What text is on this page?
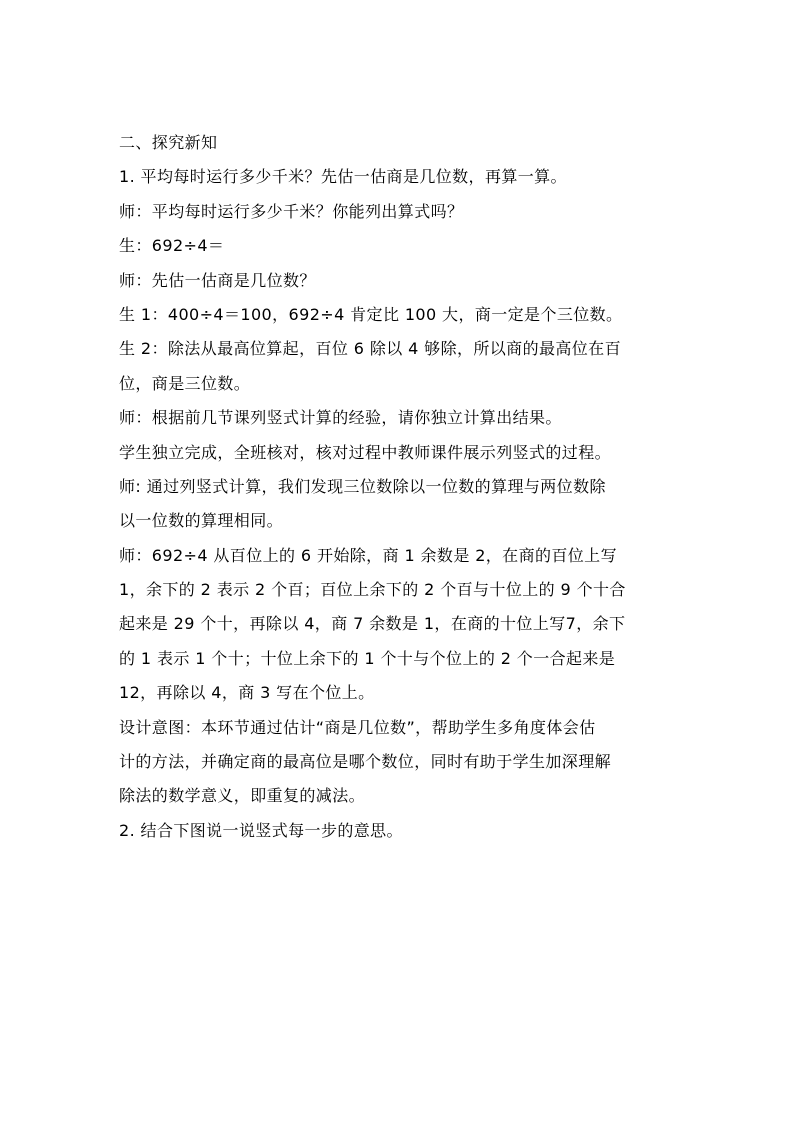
二、探究新知
1. 平均每时运行多少千米？先估一估商是几位数，再算一算。
师：平均每时运行多少千米？你能列出算式吗？
生：692÷4＝
师：先估一估商是几位数？
生 1：400÷4＝100，692÷4 肯定比 100 大，商一定是个三位数。
生 2：除法从最高位算起，百位 6 除以 4 够除，所以商的最高位在百
位，商是三位数。
师：根据前几节课列竖式计算的经验，请你独立计算出结果。
学生独立完成，全班核对，核对过程中教师课件展示列竖式的过程。
师: 通过列竖式计算，我们发现三位数除以一位数的算理与两位数除
以一位数的算理相同。
师：692÷4 从百位上的 6 开始除，商 1 余数是 2，在商的百位上写
1，余下的 2 表示 2 个百；百位上余下的 2 个百与十位上的 9 个十合
起来是 29 个十，再除以 4，商 7 余数是 1，在商的十位上写7，余下
的 1 表示 1 个十；十位上余下的 1 个十与个位上的 2 个一合起来是
12，再除以 4，商 3 写在个位上。
设计意图：本环节通过估计“商是几位数”，帮助学生多角度体会估
计的方法，并确定商的最高位是哪个数位，同时有助于学生加深理解
除法的数学意义，即重复的减法。
2. 结合下图说一说竖式每一步的意思。
